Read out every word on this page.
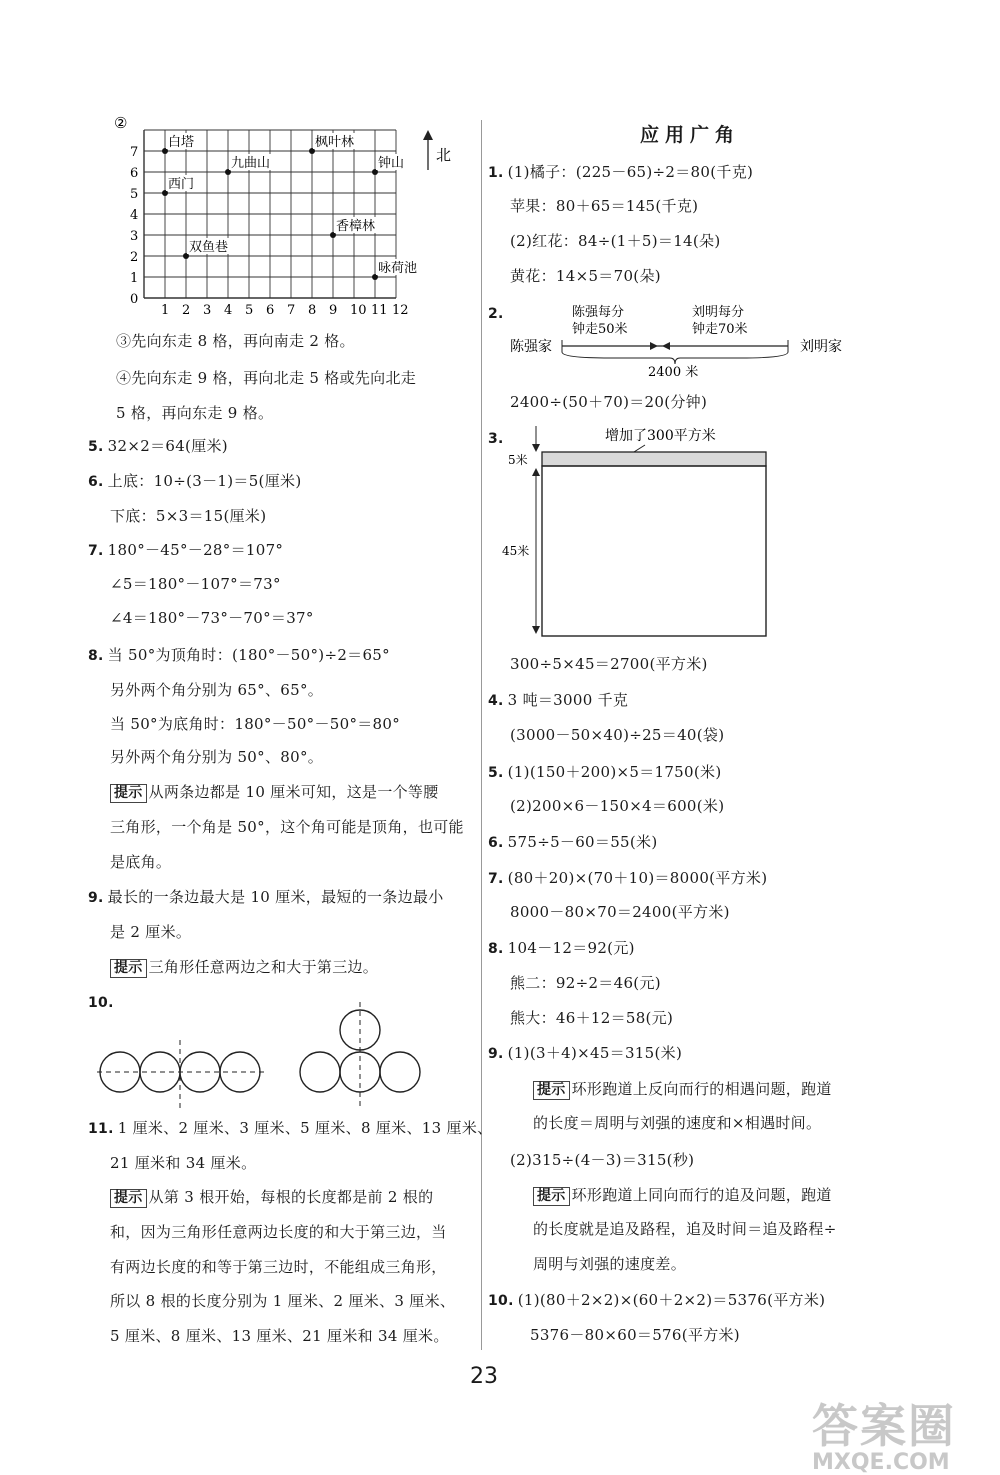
0
1
2
3
4
5
6
7
1 2 3 4 5 6 7 8 9 10 11 12
白塔	枫叶林
九曲山	钟山
西门
香樟林
双鱼巷
咏荷池
②
北
③先向东走 8 格，再向南走 2 格。
④先向东走 9 格，再向北走 5 格或先向北走
5 格，再向东走 9 格。
5. 32×2＝64(厘米)
6. 上底：10÷(3－1)＝5(厘米)
下底：5×3＝15(厘米)
7. 180°－45°－28°＝107°
∠5＝180°－107°＝73°
∠4＝180°－73°－70°＝37°
8. 当 50°为顶角时：(180°－50°)÷2＝65°
另外两个角分别为 65°、65°。
当 50°为底角时：180°－50°－50°＝80°
另外两个角分别为 50°、80°。
提示 从两条边都是 10 厘米可知，这是一个等腰
三角形，一个角是 50°，这个角可能是顶角，也可能
是底角。
9. 最长的一条边最大是 10 厘米，最短的一条边最小
是 2 厘米。
提示 三角形任意两边之和大于第三边。
10.
11. 1 厘米、2 厘米、3 厘米、5 厘米、8 厘米、13 厘米、
21 厘米和 34 厘米。
提示 从第 3 根开始，每根的长度都是前 2 根的
和，因为三角形任意两边长度的和大于第三边，当
有两边长度的和等于第三边时，不能组成三角形，
所以 8 根的长度分别为 1 厘米、2 厘米、3 厘米、
5 厘米、8 厘米、13 厘米、21 厘米和 34 厘米。
应用广角
1. (1)橘子：(225－65)÷2＝80(千克)
苹果：80＋65＝145(千克)
(2)红花：84÷(1＋5)＝14(朵)
黄花：14×5＝70(朵)
2.
2400÷(50＋70)＝20(分钟)
3.
300÷5×45＝2700(平方米)
4. 3 吨＝3000 千克
(3000－50×40)÷25＝40(袋)
5. (1)(150＋200)×5＝1750(米)
(2)200×6－150×4＝600(米)
6. 575÷5－60＝55(米)
7. (80＋20)×(70＋10)＝8000(平方米)
8000－80×70＝2400(平方米)
8. 104－12＝92(元)
熊二：92÷2＝46(元)
熊大：46＋12＝58(元)
9. (1)(3＋4)×45＝315(米)
提示 环形跑道上反向而行的相遇问题，跑道
的长度＝周明与刘强的速度和×相遇时间。
(2)315÷(4－3)＝315(秒)
提示 环形跑道上同向而行的追及问题，跑道
的长度就是追及路程，追及时间＝追及路程÷
周明与刘强的速度差。
10. (1)(80＋2×2)×(60＋2×2)＝5376(平方米)
5376－80×60＝576(平方米)
陈强家	刘明家
陈强每分
钟走50米
刘明每分
钟走70米
2400 米
增加了300平方米
5米
45米
23
答案圈
MXQE.COM
